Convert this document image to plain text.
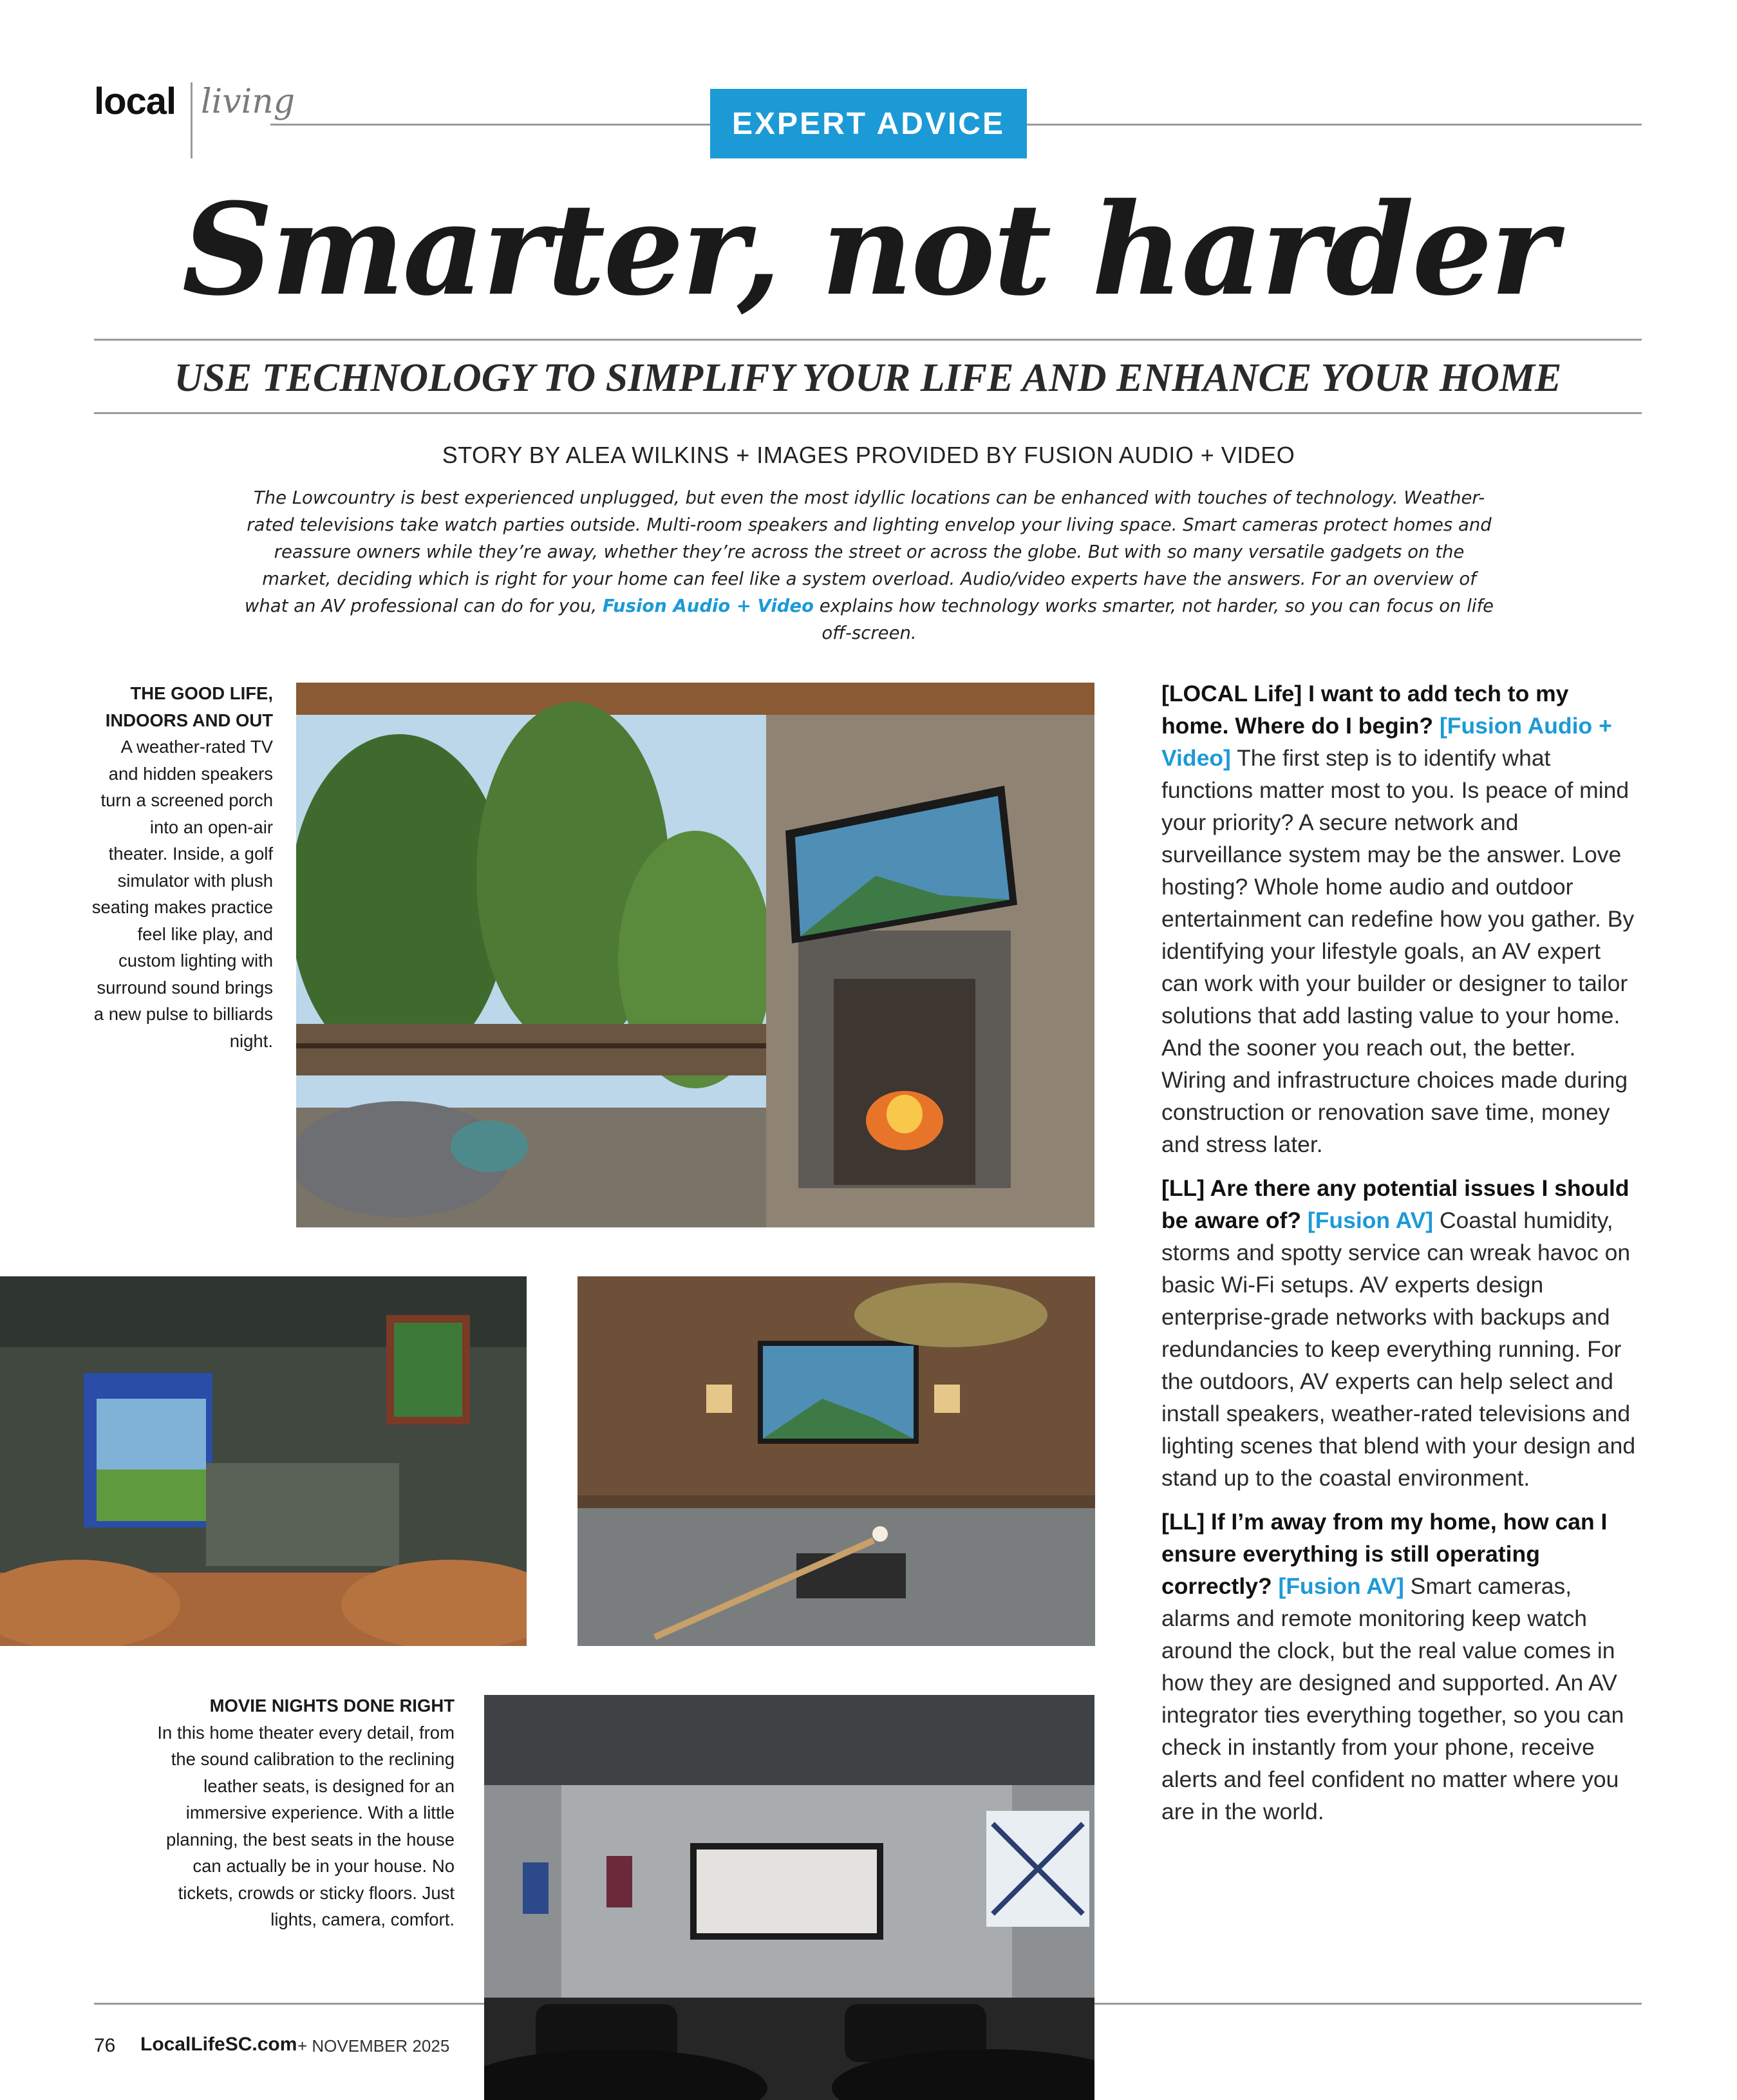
local living
EXPERT ADVICE
Smarter, not harder
USE TECHNOLOGY TO SIMPLIFY YOUR LIFE AND ENHANCE YOUR HOME
STORY BY ALEA WILKINS + IMAGES PROVIDED BY FUSION AUDIO + VIDEO

The Lowcountry is best experienced unplugged, but even the most idyllic locations can be enhanced with touches of technology. Weather-rated televisions take watch parties outside. Multi-room speakers and lighting envelop your living space. Smart cameras protect homes and reassure owners while they’re away, whether they’re across the street or across the globe. But with so many versatile gadgets on the market, deciding which is right for your home can feel like a system overload. Audio/video experts have the answers. For an overview of what an AV professional can do for you, Fusion Audio + Video explains how technology works smarter, not harder, so you can focus on life off-screen.

THE GOOD LIFE, INDOORS AND OUT
A weather-rated TV and hidden speakers turn a screened porch into an open-air theater. Inside, a golf simulator with plush seating makes practice feel like play, and custom lighting with surround sound brings a new pulse to billiards night.
MOVIE NIGHTS DONE RIGHT
In this home theater every detail, from the sound calibration to the reclining leather seats, is designed for an immersive experience. With a little planning, the best seats in the house can actually be in your house. No tickets, crowds or sticky floors. Just lights, camera, comfort.

[LOCAL Life] I want to add tech to my home. Where do I begin? [Fusion Audio + Video] The first step is to identify what functions matter most to you. Is peace of mind your priority? A secure network and surveillance system may be the answer. Love hosting? Whole home audio and outdoor entertainment can redefine how you gather. By identifying your lifestyle goals, an AV expert can work with your builder or designer to tailor solutions that add lasting value to your home. And the sooner you reach out, the better. Wiring and infrastructure choices made during construction or renovation save time, money and stress later.

[LL] Are there any potential issues I should be aware of? [Fusion AV] Coastal humidity, storms and spotty service can wreak havoc on basic Wi-Fi setups. AV experts design enterprise-grade networks with backups and redundancies to keep everything running. For the outdoors, AV experts can help select and install speakers, weather-rated televisions and lighting scenes that blend with your design and stand up to the coastal environment.

[LL] If I’m away from my home, how can I ensure everything is still operating correctly? [Fusion AV] Smart cameras, alarms and remote monitoring keep watch around the clock, but the real value comes in how they are designed and supported. An AV integrator ties everything together, so you can check in instantly from your phone, receive alerts and feel confident no matter where you are in the world.

76 LocalLifeSC.com + NOVEMBER 2025
